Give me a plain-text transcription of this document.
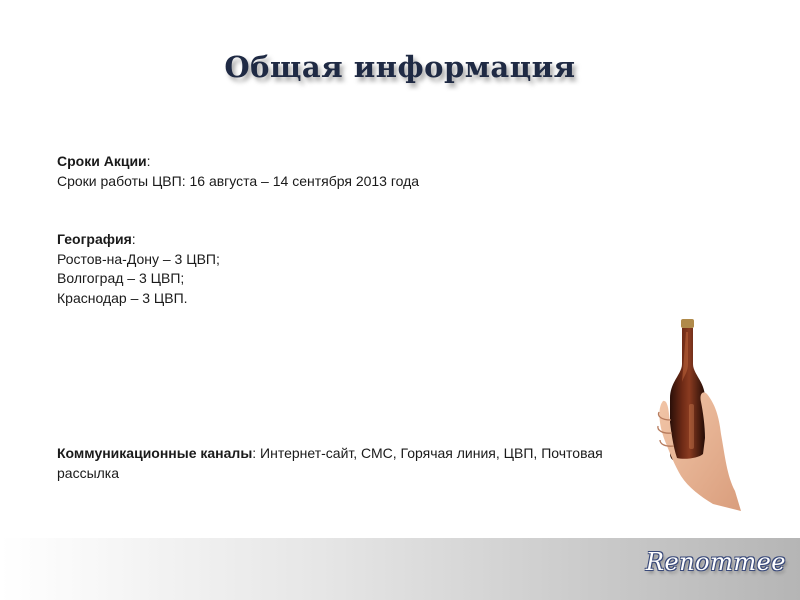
Общая информация
Сроки Акции:
Сроки работы ЦВП: 16 августа – 14 сентября 2013 года
География:
Ростов-на-Дону – 3 ЦВП;
Волгоград – 3 ЦВП;
Краснодар – 3 ЦВП.
Коммуникационные каналы: Интернет-сайт, СМС, Горячая линия, ЦВП, Почтовая рассылка
Renommee
